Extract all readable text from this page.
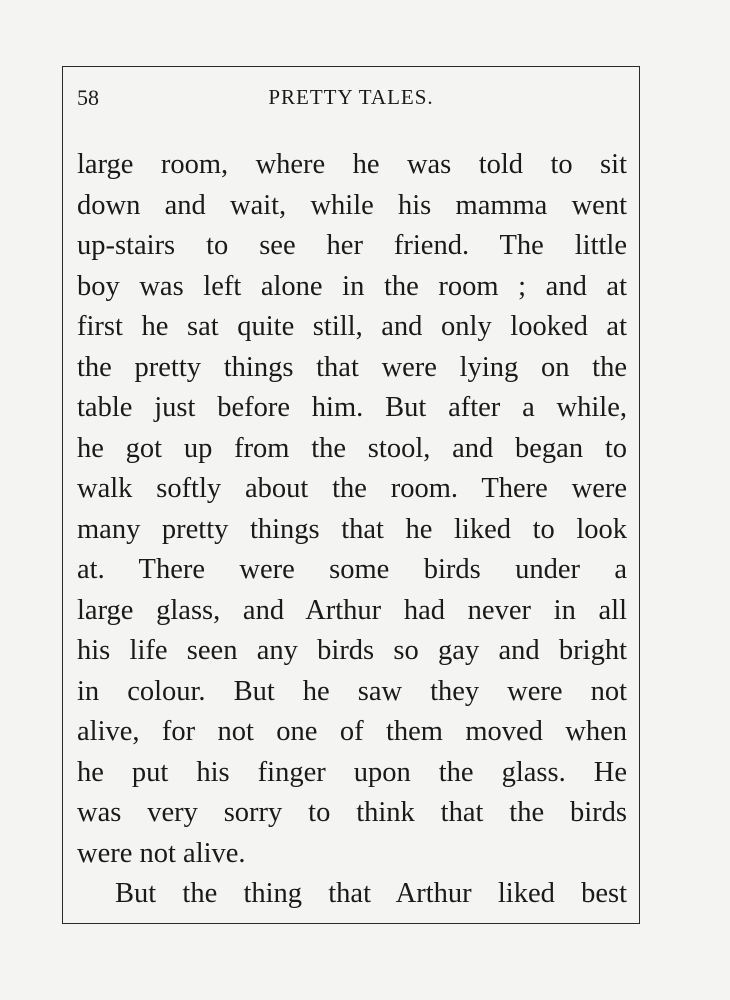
58	PRETTY TALES.
large room, where he was told to sit
down and wait, while his mamma went
up-stairs to see her friend. The little
boy was left alone in the room ; and at
first he sat quite still, and only looked at
the pretty things that were lying on the
table just before him. But after a while,
he got up from the stool, and began to
walk softly about the room. There were
many pretty things that he liked to look
at. There were some birds under a
large glass, and Arthur had never in all
his life seen any birds so gay and bright
in colour. But he saw they were not
alive, for not one of them moved when
he put his finger upon the glass. He
was very sorry to think that the birds
were not alive.
But the thing that Arthur liked best
